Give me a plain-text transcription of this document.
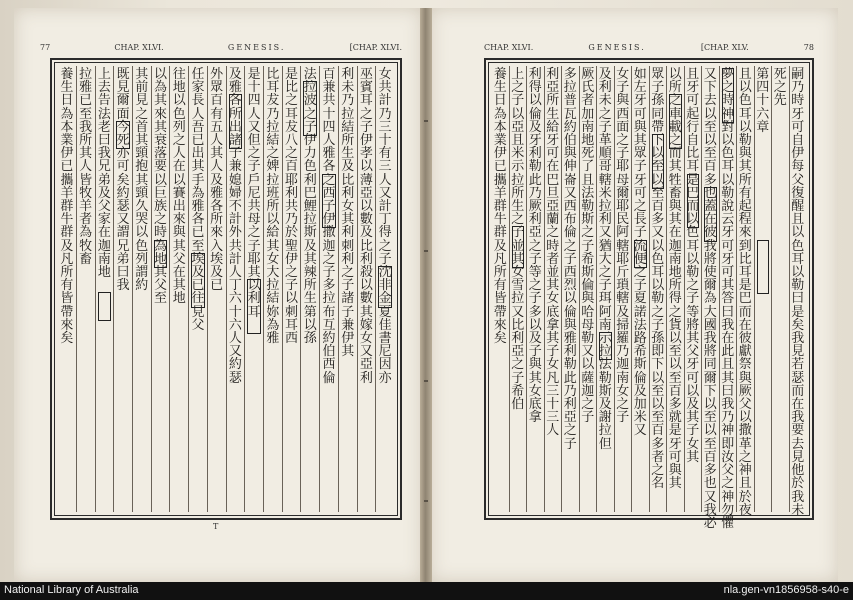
77	CHAP. XLVI.	GENESIS.	[CHAP. XLVI.	CHAP. XLVI.	GENESIS.	[CHAP. XLV.	78
女共計乃三十有三人又計丁得之子沈非金夏佳書尼因亦
巫賓耳之子伊孝以薄亞以數及比利殺以數其嫁女又亞利
利未乃拉結所生及比利女其利刺利之子諸子兼伊其
百兼共十四人雅各之西子伊撒迦之子多拉布互約伯西倫
法拉波之子伊力色利巴鯉拉斯及其辣所生第以孫
是比之耳犮八之百耶利共乃於聖伊之子以刺耳西
比耳犮乃拉結之婢拉班所以給其女大拉結妳為雅
是十四人又但之子戶尼共母之子耶其以利耳
及雅各所出諸子兼媳婦不計外共計人丁六十六人又約瑟
外眾百有五人其人及雅各所來入埃及已
任家長人吾已出其手為雅各已至埃及已往見父
往地以色列之人在以賽出來與其父在其地
以為其來其衰落要以巨族之時為地其父至
其前見之首其頸抱其頸久哭以色列謂約
既見爾面今死亦可矣約瑟又謂兄弟曰我
上去告法老曰我兄弟及父家在迦南地
拉雅已至我所其人皆牧羊者為牧畜
養生日為本業伊已攜羊群牛群及凡所有皆帶來矣
嗣乃時牙可自伊每父復醒且以色耳以勒曰是矣我見若瑟而在我要去見他於我未
死之先
第四十六章
且以色耳以勒與其所有起程來到比耳是巴而在彼獻祭與厥父以撒革之神且於夜
夢之時神對以色耳以勒說云牙可牙可其答曰我在此且其曰我乃神即汝父之神勿懼
又下去以至以至百多也蓋在彼我將使爾為大國我將同爾下以至以至百多也又我必
且牙可起行自比耳是巴而以色耳以勒之子等將其父牙可以及其子女其
以所之車載之而其牲畜與其在迦南地所得之貨以至以至百多就是牙可與其
眾子孫同帶下以至以至百多又以色耳以勒之子孫即下以至以至百多者之名
如左牙可與其眾子牙可之長子流便之子夏諾法路希斯倫及加米又
女子與西面之子耶母爾耶民阿轄耶斤瑣轄及掃羅乃迦南女之子
及利未之子革順哥轄米拉利又猶大之子珥阿南示拉法勒斯及謝拉但
厥氏者加南地死了且法勒斯之子希斯倫與哈母勒又以薩迦之子
多拉普瓦約伯與伸崙又西布倫之子西烈以倫與雅利勒此乃利亞之子
利亞所生給牙可在巴旦亞蘭之時者並其女底拿其子女凡三十三人
利得以倫及牙利勒此乃厥利亞之子等之子多以及子與其女底拿
上之子以亞且米示拉所生之子並其女雪拉又比利亞之子希伯
養生日為本業伊已攜羊群牛群及凡所有皆帶來矣
T
National Library of Australia	nla.gen-vn1856958-s40-e
